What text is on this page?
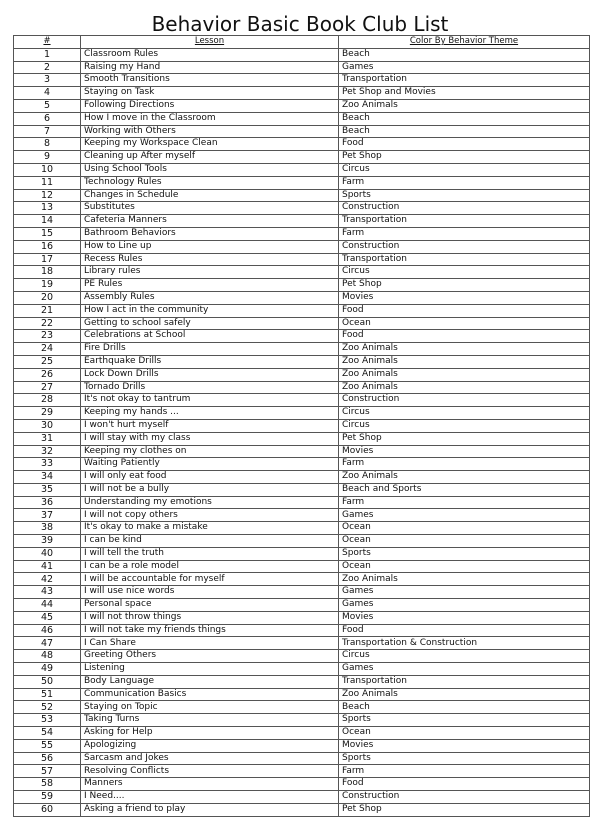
Behavior Basic Book Club List
#	Lesson	Color By Behavior Theme
1	Classroom Rules	Beach
2	Raising my Hand	Games
3	Smooth Transitions	Transportation
4	Staying on Task	Pet Shop and Movies
5	Following Directions	Zoo Animals
6	How I move in the Classroom	Beach
7	Working with Others	Beach
8	Keeping my Workspace Clean	Food
9	Cleaning up After myself	Pet Shop
10	Using School Tools	Circus
11	Technology Rules	Farm
12	Changes in Schedule	Sports
13	Substitutes	Construction
14	Cafeteria Manners	Transportation
15	Bathroom Behaviors	Farm
16	How to Line up	Construction
17	Recess Rules	Transportation
18	Library rules	Circus
19	PE Rules	Pet Shop
20	Assembly Rules	Movies
21	How I act in the community	Food
22	Getting to school safely	Ocean
23	Celebrations at School	Food
24	Fire Drills	Zoo Animals
25	Earthquake Drills	Zoo Animals
26	Lock Down Drills	Zoo Animals
27	Tornado Drills	Zoo Animals
28	It's not okay to tantrum	Construction
29	Keeping my hands ...	Circus
30	I won't hurt myself	Circus
31	I will stay with my class	Pet Shop
32	Keeping my clothes on	Movies
33	Waiting Patiently	Farm
34	I will only eat food	Zoo Animals
35	I will not be a bully	Beach and Sports
36	Understanding my emotions	Farm
37	I will not copy others	Games
38	It's okay to make a mistake	Ocean
39	I can be kind	Ocean
40	I will tell the truth	Sports
41	I can be a role model	Ocean
42	I will be accountable for myself	Zoo Animals
43	I will use nice words	Games
44	Personal space	Games
45	I will not throw things	Movies
46	I will not take my friends things	Food
47	I Can Share	Transportation & Construction
48	Greeting Others	Circus
49	Listening	Games
50	Body Language	Transportation
51	Communication Basics	Zoo Animals
52	Staying on Topic	Beach
53	Taking Turns	Sports
54	Asking for Help	Ocean
55	Apologizing	Movies
56	Sarcasm and Jokes	Sports
57	Resolving Conflicts	Farm
58	Manners	Food
59	I Need....	Construction
60	Asking a friend to play	Pet Shop
